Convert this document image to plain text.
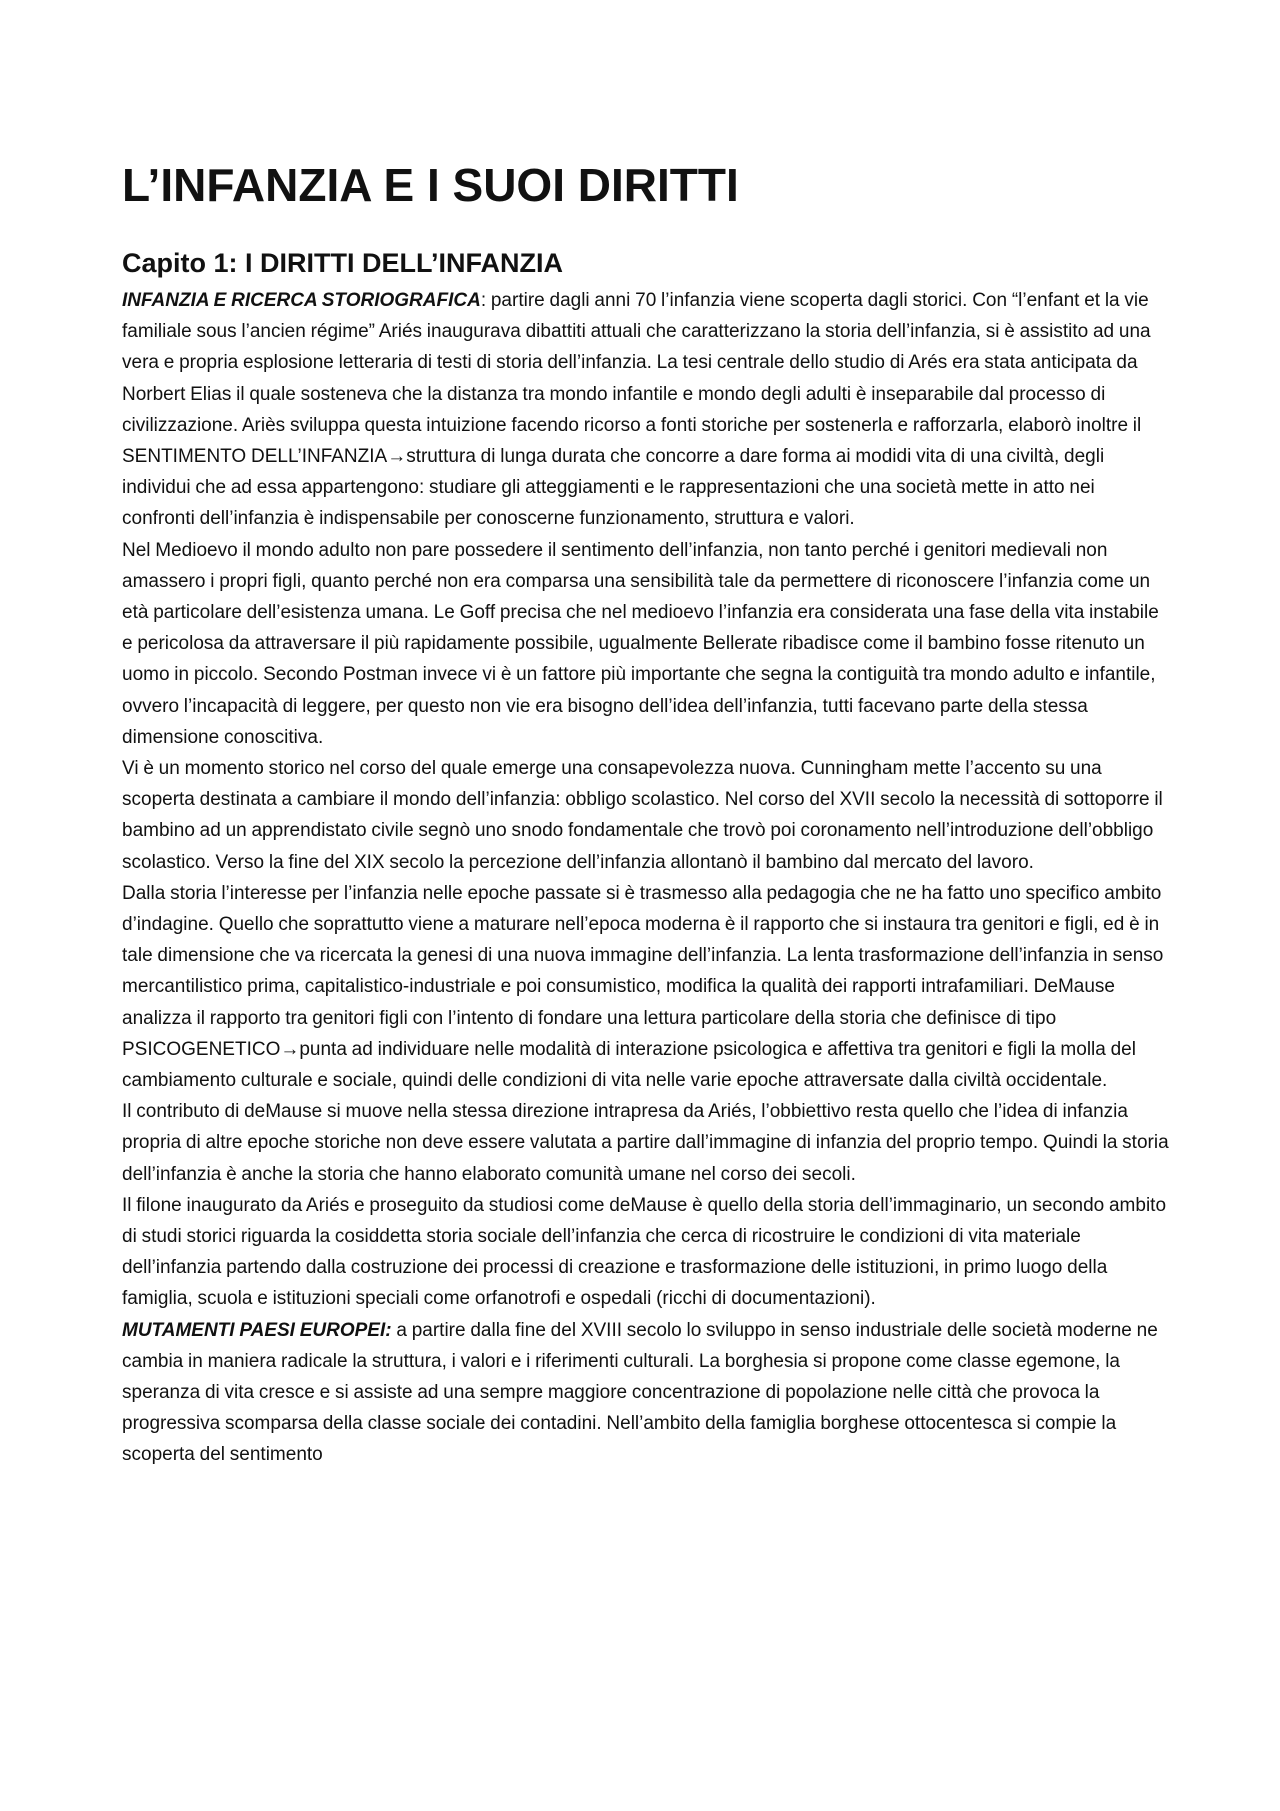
L’INFANZIA E I SUOI DIRITTI
Capito 1: I DIRITTI DELL’INFANZIA

INFANZIA E RICERCA STORIOGRAFICA: partire dagli anni 70 l’infanzia viene scoperta dagli storici. Con “l’enfant et la vie familiale sous l’ancien régime” Ariés inaugurava dibattiti attuali che caratterizzano la storia dell’infanzia, si è assistito ad una vera e propria esplosione letteraria di testi di storia dell’infanzia. La tesi centrale dello studio di Arés era stata anticipata da Norbert Elias il quale sosteneva che la distanza tra mondo infantile e mondo degli adulti è inseparabile dal processo di civilizzazione. Ariès sviluppa questa intuizione facendo ricorso a fonti storiche per sostenerla e rafforzarla, elaborò inoltre il SENTIMENTO DELL’INFANZIA→struttura di lunga durata che concorre a dare forma ai modidi vita di una civiltà, degli individui che ad essa appartengono: studiare gli atteggiamenti e le rappresentazioni che una società mette in atto nei confronti dell’infanzia è indispensabile per conoscerne funzionamento, struttura e valori.

Nel Medioevo il mondo adulto non pare possedere il sentimento dell’infanzia, non tanto perché i genitori medievali non amassero i propri figli, quanto perché non era comparsa una sensibilità tale da permettere di riconoscere l’infanzia come un età particolare dell’esistenza umana. Le Goff precisa che nel medioevo l’infanzia era considerata una fase della vita instabile e pericolosa da attraversare il più rapidamente possibile, ugualmente Bellerate ribadisce come il bambino fosse ritenuto un uomo in piccolo. Secondo Postman invece vi è un fattore più importante che segna la contiguità tra mondo adulto e infantile, ovvero l’incapacità di leggere, per questo non vie era bisogno dell’idea dell’infanzia, tutti facevano parte della stessa dimensione conoscitiva.

Vi è un momento storico nel corso del quale emerge una consapevolezza nuova. Cunningham mette l’accento su una scoperta destinata a cambiare il mondo dell’infanzia: obbligo scolastico. Nel corso del XVII secolo la necessità di sottoporre il bambino ad un apprendistato civile segnò uno snodo fondamentale che trovò poi coronamento nell’introduzione dell’obbligo scolastico. Verso la fine del XIX secolo la percezione dell’infanzia allontanò il bambino dal mercato del lavoro.

Dalla storia l’interesse per l’infanzia nelle epoche passate si è trasmesso alla pedagogia che ne ha fatto uno specifico ambito d’indagine. Quello che soprattutto viene a maturare nell’epoca moderna è il rapporto che si instaura tra genitori e figli, ed è in tale dimensione che va ricercata la genesi di una nuova immagine dell’infanzia. La lenta trasformazione dell’infanzia in senso mercantilistico prima, capitalistico-industriale e poi consumistico, modifica la qualità dei rapporti intrafamiliari. DeMause analizza il rapporto tra genitori figli con l’intento di fondare una lettura particolare della storia che definisce di tipo PSICOGENETICO→punta ad individuare nelle modalità di interazione psicologica e affettiva tra genitori e figli la molla del cambiamento culturale e sociale, quindi delle condizioni di vita nelle varie epoche attraversate dalla civiltà occidentale.

Il contributo di deMause si muove nella stessa direzione intrapresa da Ariés, l’obbiettivo resta quello che l’idea di infanzia propria di altre epoche storiche non deve essere valutata a partire dall’immagine di infanzia del proprio tempo. Quindi la storia dell’infanzia è anche la storia che hanno elaborato comunità umane nel corso dei secoli.

Il filone inaugurato da Ariés e proseguito da studiosi come deMause è quello della storia dell’immaginario, un secondo ambito di studi storici riguarda la cosiddetta storia sociale dell’infanzia che cerca di ricostruire le condizioni di vita materiale dell’infanzia partendo dalla costruzione dei processi di creazione e trasformazione delle istituzioni, in primo luogo della famiglia, scuola e istituzioni speciali come orfanotrofi e ospedali (ricchi di documentazioni).

MUTAMENTI PAESI EUROPEI: a partire dalla fine del XVIII secolo lo sviluppo in senso industriale delle società moderne ne cambia in maniera radicale la struttura, i valori e i riferimenti culturali. La borghesia si propone come classe egemone, la speranza di vita cresce e si assiste ad una sempre maggiore concentrazione di popolazione nelle città che provoca la progressiva scomparsa della classe sociale dei contadini. Nell’ambito della famiglia borghese ottocentesca si compie la scoperta del sentimento
